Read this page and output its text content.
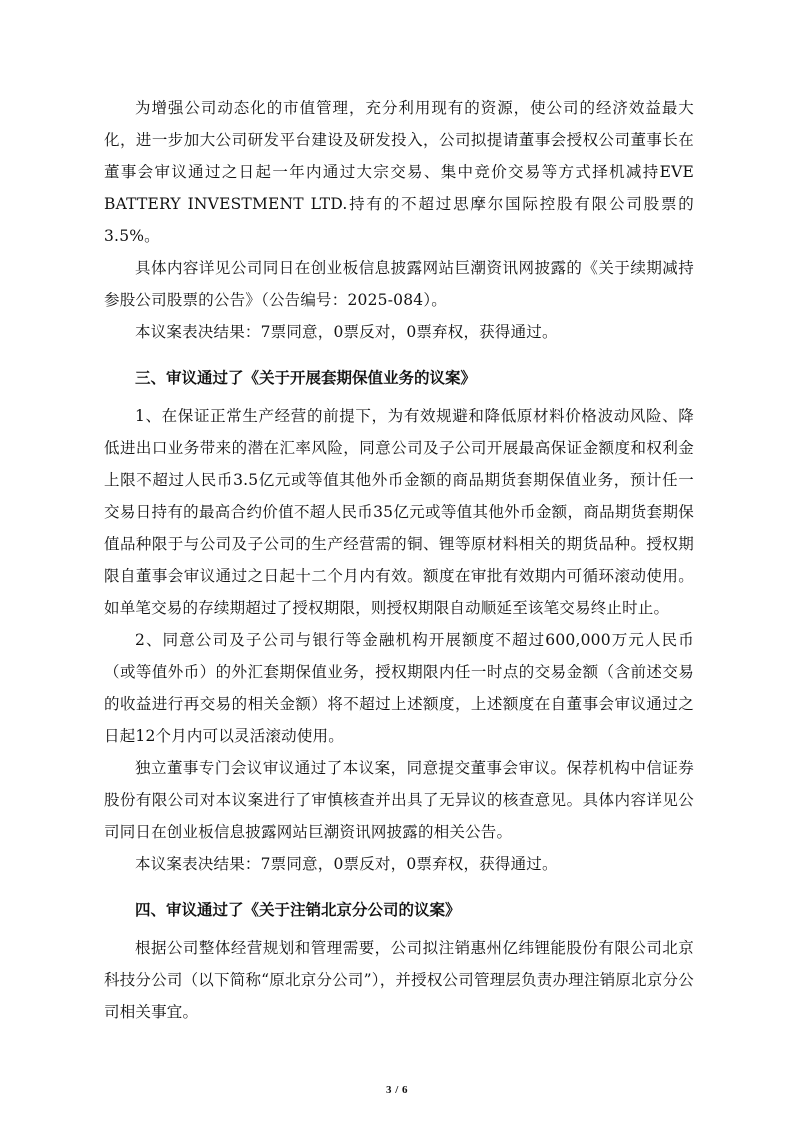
为增强公司动态化的市值管理，充分利用现有的资源，使公司的经济效益最大化，进一步加大公司研发平台建设及研发投入，公司拟提请董事会授权公司董事长在董事会审议通过之日起一年内通过大宗交易、集中竞价交易等方式择机减持EVE BATTERY INVESTMENT LTD.持有的不超过思摩尔国际控股有限公司股票的3.5%。

具体内容详见公司同日在创业板信息披露网站巨潮资讯网披露的《关于续期减持参股公司股票的公告》（公告编号：2025-084）。

本议案表决结果：7票同意，0票反对，0票弃权，获得通过。

三、审议通过了《关于开展套期保值业务的议案》

1、在保证正常生产经营的前提下，为有效规避和降低原材料价格波动风险、降低进出口业务带来的潜在汇率风险，同意公司及子公司开展最高保证金额度和权利金上限不超过人民币3.5亿元或等值其他外币金额的商品期货套期保值业务，预计任一交易日持有的最高合约价值不超人民币35亿元或等值其他外币金额，商品期货套期保值品种限于与公司及子公司的生产经营需的铜、锂等原材料相关的期货品种。授权期限自董事会审议通过之日起十二个月内有效。额度在审批有效期内可循环滚动使用。如单笔交易的存续期超过了授权期限，则授权期限自动顺延至该笔交易终止时止。

2、同意公司及子公司与银行等金融机构开展额度不超过600,000万元人民币（或等值外币）的外汇套期保值业务，授权期限内任一时点的交易金额（含前述交易的收益进行再交易的相关金额）将不超过上述额度，上述额度在自董事会审议通过之日起12个月内可以灵活滚动使用。

独立董事专门会议审议通过了本议案，同意提交董事会审议。保荐机构中信证券股份有限公司对本议案进行了审慎核查并出具了无异议的核查意见。具体内容详见公司同日在创业板信息披露网站巨潮资讯网披露的相关公告。

本议案表决结果：7票同意，0票反对，0票弃权，获得通过。

四、审议通过了《关于注销北京分公司的议案》

根据公司整体经营规划和管理需要，公司拟注销惠州亿纬锂能股份有限公司北京科技分公司（以下简称“原北京分公司”），并授权公司管理层负责办理注销原北京分公司相关事宜。

3 / 6
